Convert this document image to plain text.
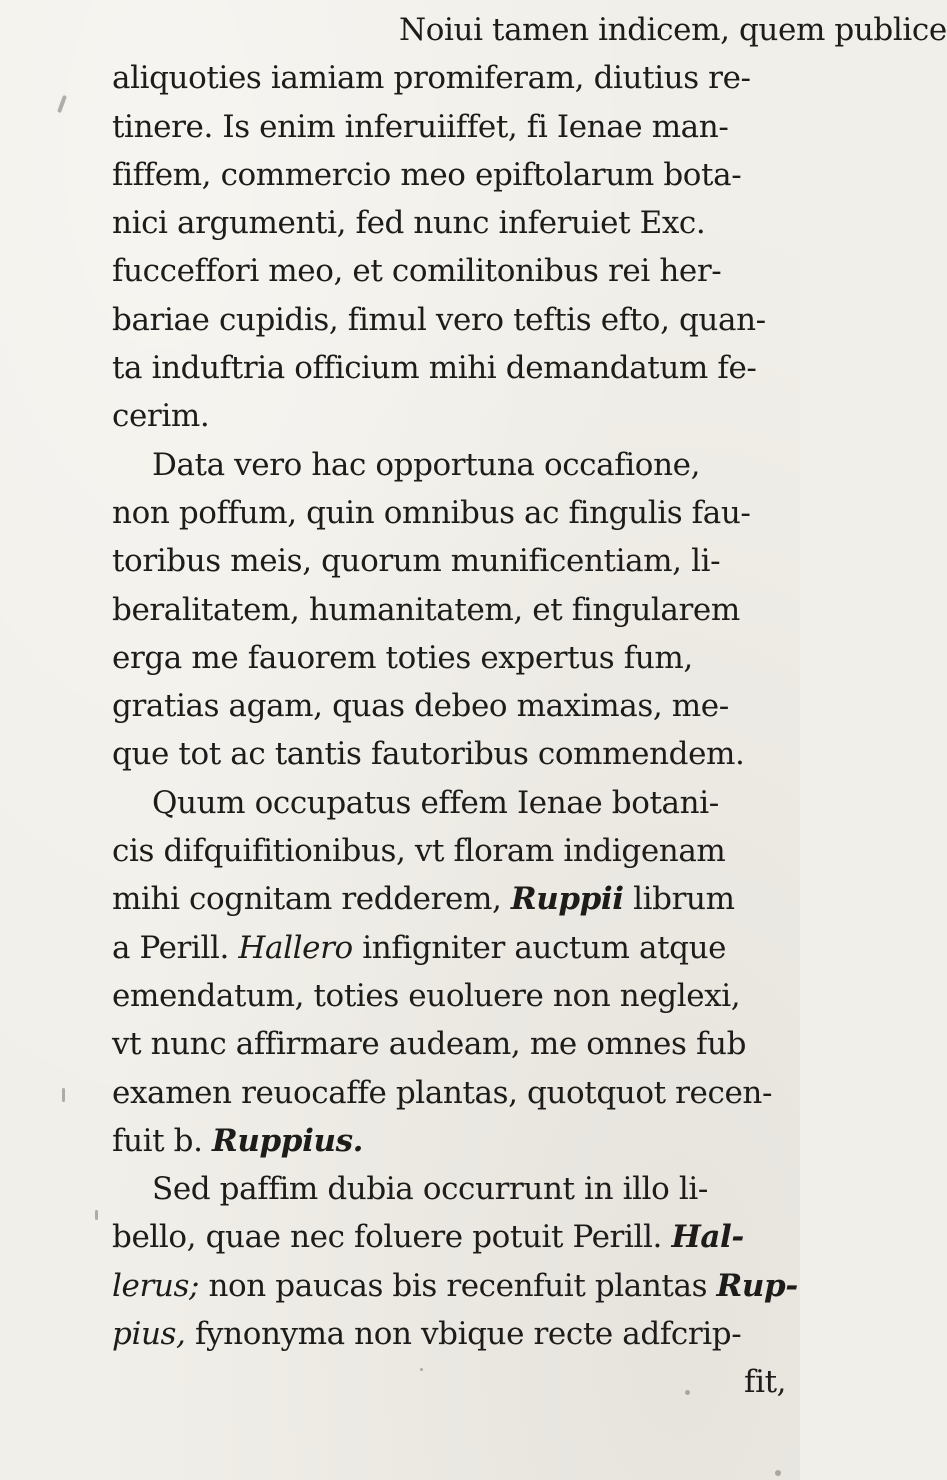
Noiui tamen indicem, quem publice
aliquoties iamiam promiferam, diutius re-
tinere. Is enim inferuiiffet, fi Ienae man-
fiffem, commercio meo epiftolarum bota-
nici argumenti, fed nunc inferuiet Exc.
fucceffori meo, et comilitonibus rei her-
bariae cupidis, fimul vero teftis efto, quan-
ta induftria officium mihi demandatum fe-
cerim.
Data vero hac opportuna occafione,
non poffum, quin omnibus ac fingulis fau-
toribus meis, quorum munificentiam, li-
beralitatem, humanitatem, et fingularem
erga me fauorem toties expertus fum,
gratias agam, quas debeo maximas, me-
que tot ac tantis fautoribus commendem.
Quum occupatus effem Ienae botani-
cis difquifitionibus, vt floram indigenam
mihi cognitam redderem, Ruppii librum
a Perill. Hallero infigniter auctum atque
emendatum, toties euoluere non neglexi,
vt nunc affirmare audeam, me omnes fub
examen reuocaffe plantas, quotquot recen-
fuit b. Ruppius.
Sed paffim dubia occurrunt in illo li-
bello, quae nec foluere potuit Perill. Hal-
lerus; non paucas bis recenfuit plantas Rup-
pius, fynonyma non vbique recte adfcrip-
fit,
